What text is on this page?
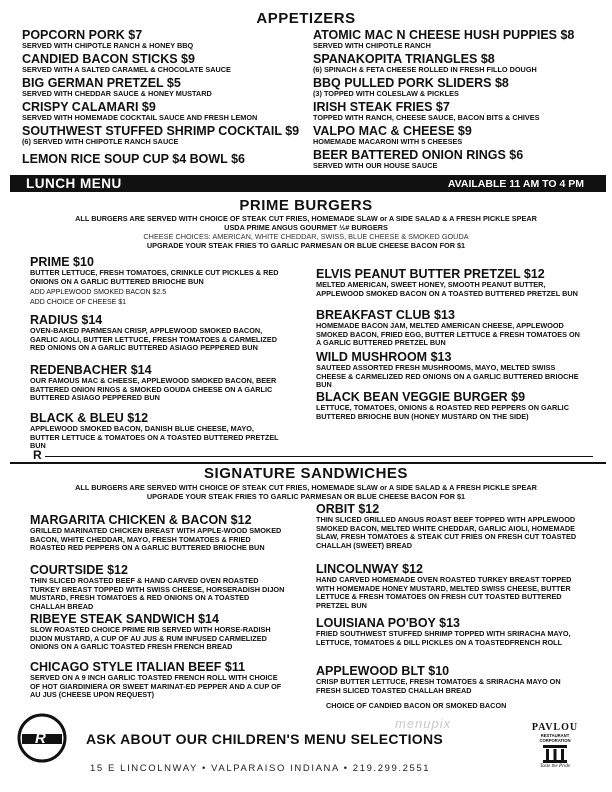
APPETIZERS
POPCORN PORK $7
SERVED WITH CHIPOTLE RANCH & HONEY BBQ
CANDIED BACON STICKS $9
SERVED WITH A SALTED CARAMEL & CHOCOLATE SAUCE
BIG GERMAN PRETZEL $5
SERVED WITH CHEDDAR SAUCE & HONEY MUSTARD
CRISPY CALAMARI $9
SERVED WITH HOMEMADE COCKTAIL SAUCE AND FRESH LEMON
SOUTHWEST STUFFED SHRIMP COCKTAIL $9
(6) SERVED WITH CHIPOTLE RANCH SAUCE
LEMON RICE SOUP CUP $4 BOWL $6
ATOMIC MAC N CHEESE HUSH PUPPIES $8
SERVED WITH CHIPOTLE RANCH
SPANAKOPITA TRIANGLES $8
(6) SPINACH & FETA CHEESE ROLLED IN FRESH FILLO DOUGH
BBQ PULLED PORK SLIDERS $8
(3) TOPPED WITH COLESLAW & PICKLES
IRISH STEAK FRIES $7
TOPPED WITH RANCH, CHEESE SAUCE, BACON BITS & CHIVES
VALPO MAC & CHEESE $9
HOMEMADE MACARONI WITH 5 CHEESES
BEER BATTERED ONION RINGS $6
SERVED WITH OUR HOUSE SAUCE
LUNCH MENU	AVAILABLE 11 AM TO 4 PM
PRIME BURGERS
ALL BURGERS ARE SERVED WITH CHOICE OF STEAK CUT FRIES, HOMEMADE SLAW or A SIDE SALAD & A FRESH PICKLE SPEAR
USDA PRIME ANGUS GOURMET ½# BURGERS
CHEESE CHOICES: AMERICAN, WHITE CHEDDAR, SWISS, BLUE CHEESE & SMOKED GOUDA
UPGRADE YOUR STEAK FRIES TO GARLIC PARMESAN OR BLUE CHEESE BACON FOR $1
PRIME $10
BUTTER LETTUCE, FRESH TOMATOES, CRINKLE CUT PICKLES & RED ONIONS ON A GARLIC BUTTERED BRIOCHE BUN
ADD APPLEWOOD SMOKED BACON $2.5
ADD CHOICE OF CHEESE $1
RADIUS $14
OVEN-BAKED PARMESAN CRISP, APPLEWOOD SMOKED BACON, GARLIC AIOLI, BUTTER LETTUCE, FRESH TOMATOES & CARMELIZED RED ONIONS ON A GARLIC BUTTERED ASIAGO PEPPERED BUN
REDENBACHER $14
OUR FAMOUS MAC & CHEESE, APPLEWOOD SMOKED BACON, BEER BATTERED ONION RINGS & SMOKED GOUDA CHEESE ON A GARLIC BUTTERED ASIAGO PEPPERED BUN
BLACK & BLEU $12
APPLEWOOD SMOKED BACON, DANISH BLUE CHEESE, MAYO, BUTTER LETTUCE & TOMATOES ON A TOASTED BUTTERED PRETZEL BUN
ELVIS PEANUT BUTTER PRETZEL $12
MELTED AMERICAN, SWEET HONEY, SMOOTH PEANUT BUTTER, APPLEWOOD SMOKED BACON ON A TOASTED BUTTERED PRETZEL BUN
BREAKFAST CLUB $13
HOMEMADE BACON JAM, MELTED AMERICAN CHEESE, APPLEWOOD SMOKED BACON, FRIED EGG, BUTTER LETTUCE & FRESH TOMATOES ON A GARLIC BUTTERED PRETZEL BUN
WILD MUSHROOM $13
SAUTEED ASSORTED FRESH MUSHROOMS, MAYO, MELTED SWISS CHEESE & CARMELIZED RED ONIONS ON A GARLIC BUTTERED BRIOCHE BUN
BLACK BEAN VEGGIE BURGER $9
LETTUCE, TOMATOES, ONIONS & ROASTED RED PEPPERS ON GARLIC BUTTERED BRIOCHE BUN (HONEY MUSTARD ON THE SIDE)
R
SIGNATURE SANDWICHES
ALL BURGERS ARE SERVED WITH CHOICE OF STEAK CUT FRIES, HOMEMADE SLAW or A SIDE SALAD & A FRESH PICKLE SPEAR
UPGRADE YOUR STEAK FRIES TO GARLIC PARMESAN OR BLUE CHEESE BACON FOR $1
MARGARITA CHICKEN & BACON $12
GRILLED MARINATED CHICKEN BREAST WITH APPLE-WOOD SMOKED BACON, WHITE CHEDDAR, MAYO, FRESH TOMATOES & FRIED ROASTED RED PEPPERS ON A GARLIC BUTTERED BRIOCHE BUN
COURTSIDE $12
THIN SLICED ROASTED BEEF & HAND CARVED OVEN ROASTED TURKEY BREAST TOPPED WITH SWISS CHEESE, HORSERADISH DIJON MUSTARD, FRESH TOMATOES & RED ONIONS ON A TOASTED CHALLAH BREAD
RIBEYE STEAK SANDWICH $14
SLOW ROASTED CHOICE PRIME RIB SERVED WITH HORSE-RADISH DIJON MUSTARD, A CUP OF AU JUS & RUM INFUSED CARMELIZED ONIONS ON A GARLIC TOASTED FRESH FRENCH BREAD
CHICAGO STYLE ITALIAN BEEF $11
SERVED ON A 9 INCH GARLIC TOASTED FRENCH ROLL WITH CHOICE OF HOT GIARDINIERA OR SWEET MARINAT-ED PEPPER AND A CUP OF AU JUS (CHEESE UPON REQUEST)
ORBIT $12
THIN SLICED GRILLED ANGUS ROAST BEEF TOPPED WITH APPLEWOOD SMOKED BACON, MELTED WHITE CHEDDAR, GARLIC AIOLI, HOMEMADE SLAW, FRESH TOMATOES & STEAK CUT FRIES ON FRESH CUT TOASTED CHALLAH (SWEET) BREAD
LINCOLNWAY $12
HAND CARVED HOMEMADE OVEN ROASTED TURKEY BREAST TOPPED WITH HOMEMADE HONEY MUSTARD, MELTED SWISS CHEESE, BUTTER LETTUCE & FRESH TOMATOES ON FRESH CUT TOASTED BUTTERED PRETZEL BUN
LOUISIANA PO'BOY $13
FRIED SOUTHWEST STUFFED SHRIMP TOPPED WITH SRIRACHA MAYO, LETTUCE, TOMATOES & DILL PICKLES ON A TOASTEDFRENCH ROLL
APPLEWOOD BLT $10
CRISP BUTTER LETTUCE, FRESH TOMATOES & SRIRACHA MAYO ON FRESH SLICED TOASTED CHALLAH BREAD
CHOICE OF CANDIED BACON OR SMOKED BACON
menupix
R	ASK ABOUT OUR CHILDREN'S MENU SELECTIONS
15 E LINCOLNWAY • VALPARAISO INDIANA • 219.299.2551
PAVLOU
RESTAURANT
CORPORATION
Taste the Pride
